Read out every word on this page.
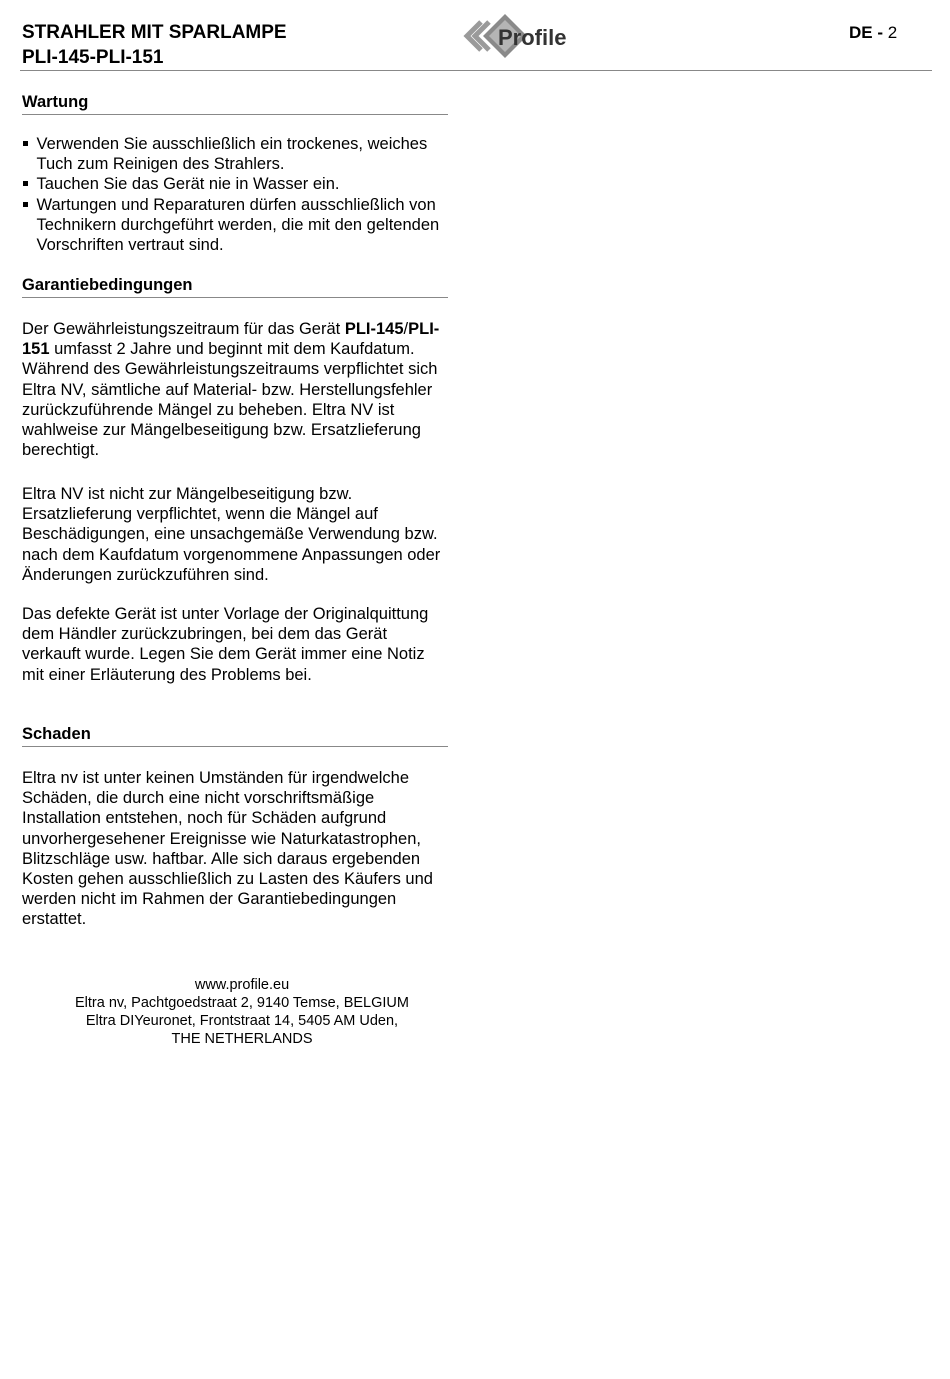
STRAHLER MIT SPARLAMPE
PLI-145-PLI-151
Profile	DE - 2
Wartung
Verwenden Sie ausschließlich ein trockenes, weiches Tuch zum Reinigen des Strahlers.
Tauchen Sie das Gerät nie in Wasser ein.
Wartungen und Reparaturen dürfen ausschließlich von Technikern durchgeführt werden, die mit den geltenden Vorschriften vertraut sind.
Garantiebedingungen

Der Gewährleistungszeitraum für das Gerät PLI-145/PLI-151 umfasst 2 Jahre und beginnt mit dem Kaufdatum. Während des Gewährleistungszeitraums verpflichtet sich Eltra NV, sämtliche auf Material- bzw. Herstellungsfehler zurückzuführende Mängel zu beheben. Eltra NV ist wahlweise zur Mängelbeseitigung bzw. Ersatzlieferung berechtigt.

Eltra NV ist nicht zur Mängelbeseitigung bzw. Ersatzlieferung verpflichtet, wenn die Mängel auf Beschädigungen, eine unsachgemäße Verwendung bzw. nach dem Kaufdatum vorgenommene Anpassungen oder Änderungen zurückzuführen sind.

Das defekte Gerät ist unter Vorlage der Originalquittung dem Händler zurückzubringen, bei dem das Gerät verkauft wurde. Legen Sie dem Gerät immer eine Notiz mit einer Erläuterung des Problems bei.

Schaden

Eltra nv ist unter keinen Umständen für irgendwelche Schäden, die durch eine nicht vorschriftsmäßige Installation entstehen, noch für Schäden aufgrund unvorhergesehener Ereignisse wie Naturkatastrophen, Blitzschläge usw. haftbar. Alle sich daraus ergebenden Kosten gehen ausschließlich zu Lasten des Käufers und werden nicht im Rahmen der Garantiebedingungen erstattet.

www.profile.eu
Eltra nv, Pachtgoedstraat 2, 9140 Temse, BELGIUM
Eltra DIYeuronet, Frontstraat 14, 5405 AM Uden,
THE NETHERLANDS
